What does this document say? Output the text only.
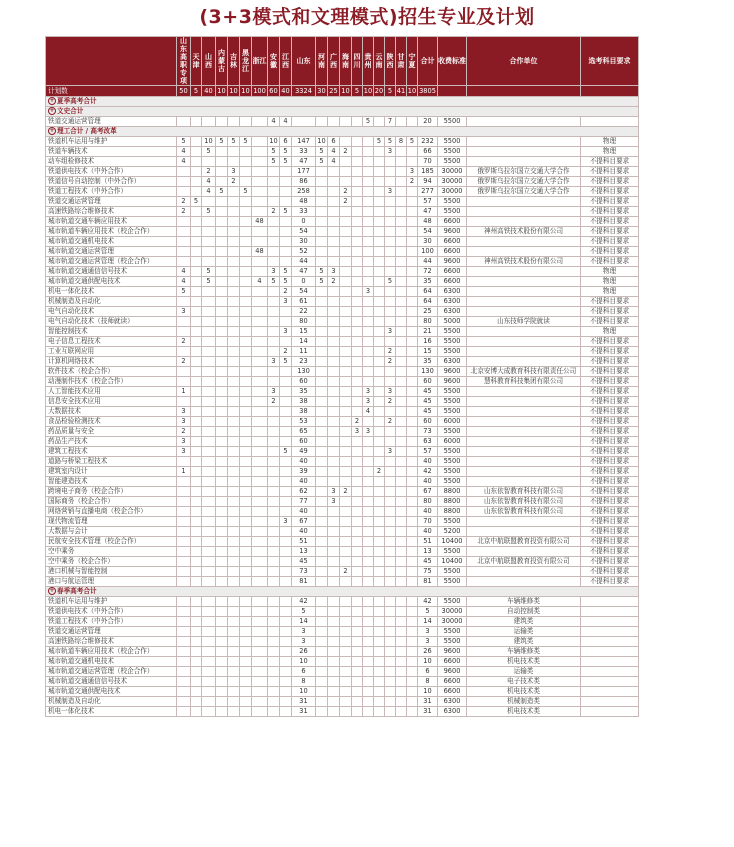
(3+3模式和文理模式)招生专业及计划
	山东高职专项	天津	山西	内蒙古	吉林	黑龙江	浙江	安徽	江西	山东	河南	广西	海南	四川	贵州	云南	陕西	甘肃	宁夏	合计	收费标准	合作单位	选考科目要求
计划数	50	5	40	10	10	10	100	60	40	3324	30	25	10	5	10	20	5	41	10	3805			
+ 夏季高考合计																							
+ 文史合计																							
铁道交通运营管理								4	4						5		7			20	5500		
+ 理工合计 / 高考改革																							
铁道机车运用与维护	5		10	5	5	5		10	6	147	10	6				5	5	8	5	232	5500		物理
铁道车辆技术	4		5					5	5	33	5	4	2				3			66	5500		物理
动车组检修技术	4							5	5	47	5	4								70	5500		不提科目要求
铁道供电技术（中外合作）			2		3					177									3	185	30000	俄罗斯乌拉尔国立交通大学合作	不提科目要求
铁道信号自动控制（中外合作）			4		2					86									2	94	30000	俄罗斯乌拉尔国立交通大学合作	不提科目要求
铁道工程技术（中外合作）			4	5		5				258			2				3			277	30000	俄罗斯乌拉尔国立交通大学合作	不提科目要求
铁道交通运营管理	2	5								48			2							57	5500		不提科目要求
高速铁路综合维修技术	2		5					2	5	33										47	5500		不提科目要求
城市轨道交通车辆应用技术							48			0										48	6600		不提科目要求
城市轨道车辆应用技术（校企合作）										54										54	9600	神州高铁技术股份有限公司	不提科目要求
城市轨道交通机电技术										30										30	6600		不提科目要求
城市轨道交通运营管理							48			52										100	6600		不提科目要求
城市轨道交通运营管理（校企合作）										44										44	9600	神州高铁技术股份有限公司	不提科目要求
城市轨道交通通信信号技术	4		5					3	5	47	5	3								72	6600		物理
城市轨道交通供配电技术	4		5				4	5	5	0	5	2					5			35	6600		物理
机电一体化技术	5								2	54					3					64	6300		物理
机械制造及自动化									3	61										64	6300		不提科目要求
电气自动化技术	3									22										25	6300		不提科目要求
电气自动化技术（技师就读）										80										80	5000	山东技师学院就读	不提科目要求
智能控制技术									3	15							3			21	5500		物理
电子信息工程技术	2									14										16	5500		不提科目要求
工业互联网应用									2	11							2			15	5500		不提科目要求
计算机网络技术	2							3	5	23							2			35	6300		不提科目要求
软件技术（校企合作）										130										130	9600	北京安博大成教育科技有限责任公司	不提科目要求
动漫制作技术（校企合作）										60										60	9600	慧科教育科技集团有限公司	不提科目要求
人工智能技术应用	1							3		35					3		3			45	5500		不提科目要求
信息安全技术应用								2		38					3		2			45	5500		不提科目要求
大数据技术	3									38					4					45	5500		不提科目要求
食品检验检测技术	3									53				2			2			60	6000		不提科目要求
药品质量与安全	2									65				3	3					73	5500		不提科目要求
药品生产技术	3									60										63	6000		不提科目要求
建筑工程技术	3								5	49							3			57	5500		不提科目要求
道路与桥梁工程技术										40										40	5500		不提科目要求
建筑室内设计	1									39						2				42	5500		不提科目要求
智能建造技术										40										40	5500		不提科目要求
跨境电子商务（校企合作）										62		3	2							67	8800	山东依智教育科技有限公司	不提科目要求
国际商务（校企合作）										77		3								80	8800	山东依智教育科技有限公司	不提科目要求
网络营销与直播电商（校企合作）										40										40	8800	山东依智教育科技有限公司	不提科目要求
现代物流管理									3	67										70	5500		不提科目要求
大数据与会计										40										40	5200		不提科目要求
民航安全技术管理（校企合作）										51										51	10400	北京中航联盟教育投资有限公司	不提科目要求
空中乘务										13										13	5500		不提科目要求
空中乘务（校企合作）										45										45	10400	北京中航联盟教育投资有限公司	不提科目要求
港口机械与智能控制										73			2							75	5500		不提科目要求
港口与航运管理										81										81	5500		不提科目要求
+ 春季高考合计																							
铁道机车运用与维护										42										42	5500	车辆维修类	
铁道供电技术（中外合作）										5										5	30000	自动控制类	
铁道工程技术（中外合作）										14										14	30000	建筑类	
铁道交通运营管理										3										3	5500	运输类	
高速铁路综合维修技术										3										3	5500	建筑类	
城市轨道车辆应用技术（校企合作）										26										26	9600	车辆维修类	
城市轨道交通机电技术										10										10	6600	机电技术类	
城市轨道交通运营管理（校企合作）										6										6	9600	运输类	
城市轨道交通通信信号技术										8										8	6600	电子技术类	
城市轨道交通供配电技术										10										10	6600	机电技术类	
机械制造及自动化										31										31	6300	机械制造类	
机电一体化技术										31										31	6300	机电技术类	
